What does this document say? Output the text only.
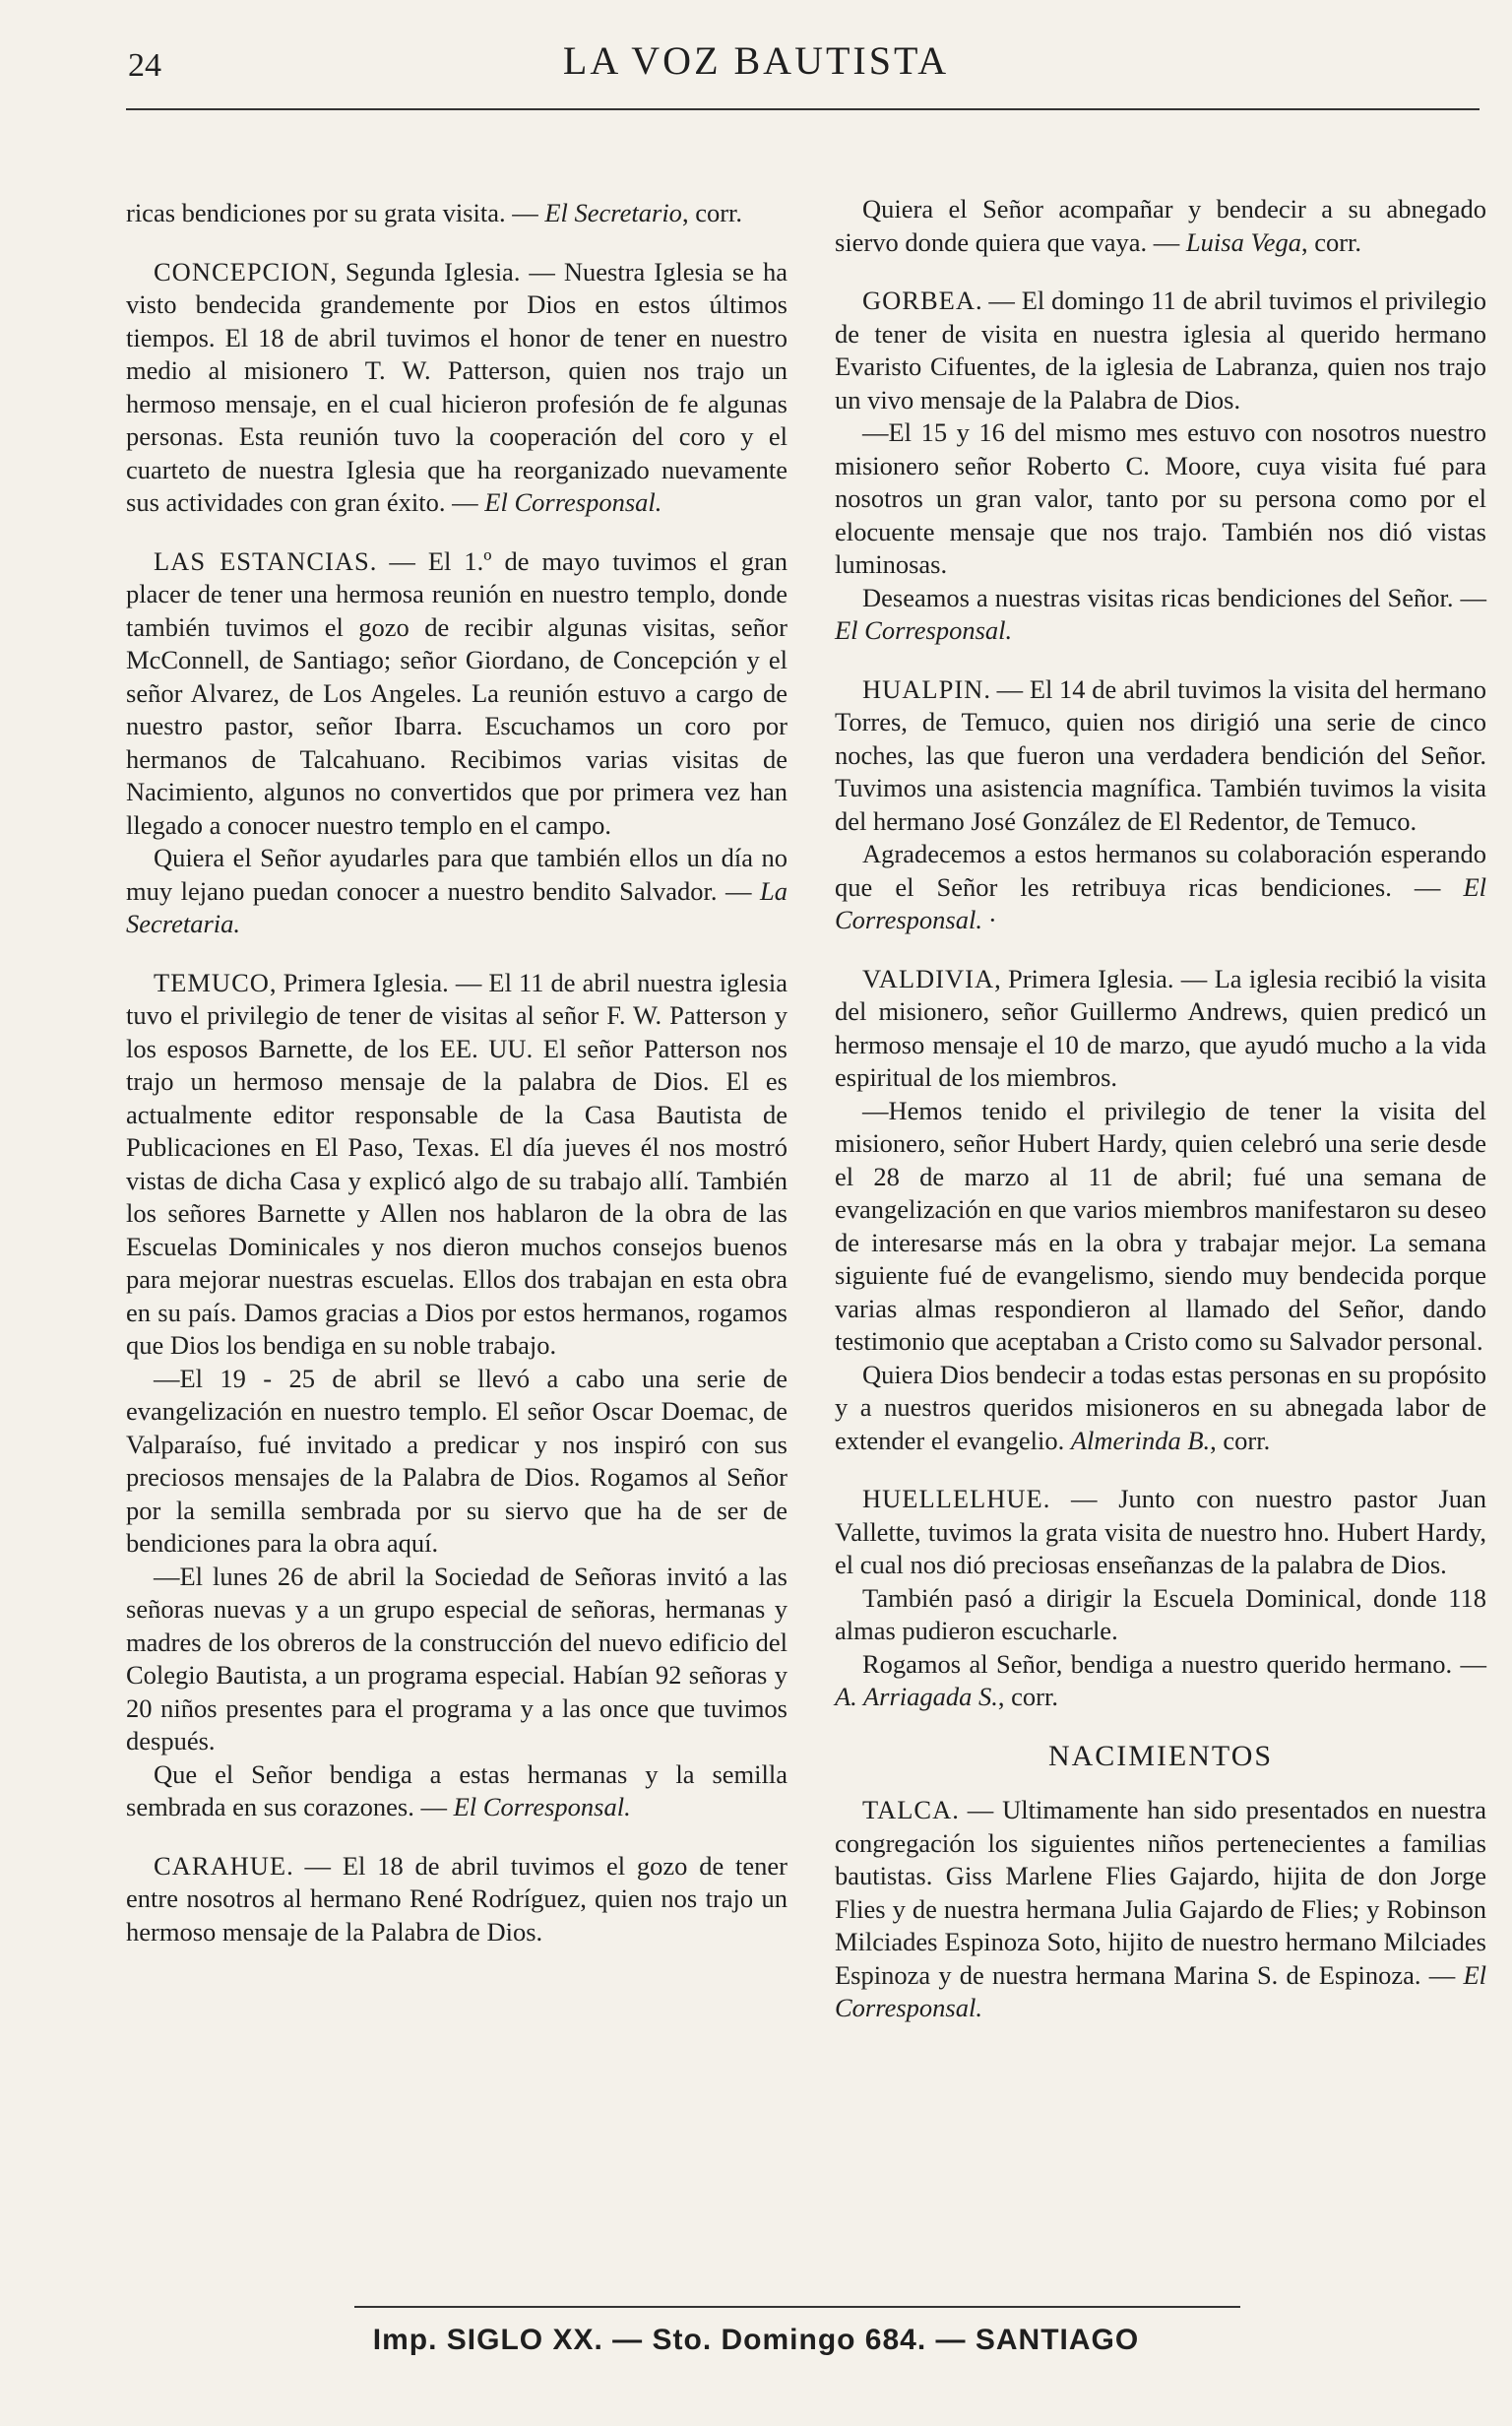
24	LA VOZ BAUTISTA

ricas bendiciones por su grata visita. — El Secretario, corr.

CONCEPCION, Segunda Iglesia. — Nuestra Iglesia se ha visto bendecida grandemente por Dios en estos últimos tiempos. El 18 de abril tuvimos el honor de tener en nuestro medio al misionero T. W. Patterson, quien nos trajo un hermoso mensaje, en el cual hicieron profesión de fe algunas personas. Esta reunión tuvo la cooperación del coro y el cuarteto de nuestra Iglesia que ha reorganizado nuevamente sus actividades con gran éxito. — El Corresponsal.

LAS ESTANCIAS. — El 1.º de mayo tuvimos el gran placer de tener una hermosa reunión en nuestro templo, donde también tuvimos el gozo de recibir algunas visitas, señor McConnell, de Santiago; señor Giordano, de Concepción y el señor Alvarez, de Los Angeles. La reunión estuvo a cargo de nuestro pastor, señor Ibarra. Escuchamos un coro por hermanos de Talcahuano. Recibimos varias visitas de Nacimiento, algunos no convertidos que por primera vez han llegado a conocer nuestro templo en el campo.

Quiera el Señor ayudarles para que también ellos un día no muy lejano puedan conocer a nuestro bendito Salvador. — La Secretaria.

TEMUCO, Primera Iglesia. — El 11 de abril nuestra iglesia tuvo el privilegio de tener de visitas al señor F. W. Patterson y los esposos Barnette, de los EE. UU. El señor Patterson nos trajo un hermoso mensaje de la palabra de Dios. El es actualmente editor responsable de la Casa Bautista de Publicaciones en El Paso, Texas. El día jueves él nos mostró vistas de dicha Casa y explicó algo de su trabajo allí. También los señores Barnette y Allen nos hablaron de la obra de las Escuelas Dominicales y nos dieron muchos consejos buenos para mejorar nuestras escuelas. Ellos dos trabajan en esta obra en su país. Damos gracias a Dios por estos hermanos, rogamos que Dios los bendiga en su noble trabajo.

—El 19 - 25 de abril se llevó a cabo una serie de evangelización en nuestro templo. El señor Oscar Doemac, de Valparaíso, fué invitado a predicar y nos inspiró con sus preciosos mensajes de la Palabra de Dios. Rogamos al Señor por la semilla sembrada por su siervo que ha de ser de bendiciones para la obra aquí.

—El lunes 26 de abril la Sociedad de Señoras invitó a las señoras nuevas y a un grupo especial de señoras, hermanas y madres de los obreros de la construcción del nuevo edificio del Colegio Bautista, a un programa especial. Habían 92 señoras y 20 niños presentes para el programa y a las once que tuvimos después.

Que el Señor bendiga a estas hermanas y la semilla sembrada en sus corazones. — El Corresponsal.

CARAHUE. — El 18 de abril tuvimos el gozo de tener entre nosotros al hermano René Rodríguez, quien nos trajo un hermoso mensaje de la Palabra de Dios.

Quiera el Señor acompañar y bendecir a su abnegado siervo donde quiera que vaya. — Luisa Vega, corr.

GORBEA. — El domingo 11 de abril tuvimos el privilegio de tener de visita en nuestra iglesia al querido hermano Evaristo Cifuentes, de la iglesia de Labranza, quien nos trajo un vivo mensaje de la Palabra de Dios.

—El 15 y 16 del mismo mes estuvo con nosotros nuestro misionero señor Roberto C. Moore, cuya visita fué para nosotros un gran valor, tanto por su persona como por el elocuente mensaje que nos trajo. También nos dió vistas luminosas.

Deseamos a nuestras visitas ricas bendiciones del Señor. — El Corresponsal.

HUALPIN. — El 14 de abril tuvimos la visita del hermano Torres, de Temuco, quien nos dirigió una serie de cinco noches, las que fueron una verdadera bendición del Señor. Tuvimos una asistencia magnífica. También tuvimos la visita del hermano José González de El Redentor, de Temuco.

Agradecemos a estos hermanos su colaboración esperando que el Señor les retribuya ricas bendiciones. — El Corresponsal. ·

VALDIVIA, Primera Iglesia. — La iglesia recibió la visita del misionero, señor Guillermo Andrews, quien predicó un hermoso mensaje el 10 de marzo, que ayudó mucho a la vida espiritual de los miembros.

—Hemos tenido el privilegio de tener la visita del misionero, señor Hubert Hardy, quien celebró una serie desde el 28 de marzo al 11 de abril; fué una semana de evangelización en que varios miembros manifestaron su deseo de interesarse más en la obra y trabajar mejor. La semana siguiente fué de evangelismo, siendo muy bendecida porque varias almas respondieron al llamado del Señor, dando testimonio que aceptaban a Cristo como su Salvador personal.

Quiera Dios bendecir a todas estas personas en su propósito y a nuestros queridos misioneros en su abnegada labor de extender el evangelio. Almerinda B., corr.

HUELLELHUE. — Junto con nuestro pastor Juan Vallette, tuvimos la grata visita de nuestro hno. Hubert Hardy, el cual nos dió preciosas enseñanzas de la palabra de Dios.

También pasó a dirigir la Escuela Dominical, donde 118 almas pudieron escucharle.

Rogamos al Señor, bendiga a nuestro querido hermano. — A. Arriagada S., corr.

NACIMIENTOS

TALCA. — Ultimamente han sido presentados en nuestra congregación los siguientes niños pertenecientes a familias bautistas. Giss Marlene Flies Gajardo, hijita de don Jorge Flies y de nuestra hermana Julia Gajardo de Flies; y Robinson Milciades Espinoza Soto, hijito de nuestro hermano Milciades Espinoza y de nuestra hermana Marina S. de Espinoza. — El Corresponsal.

Imp. SIGLO XX. — Sto. Domingo 684. — SANTIAGO
